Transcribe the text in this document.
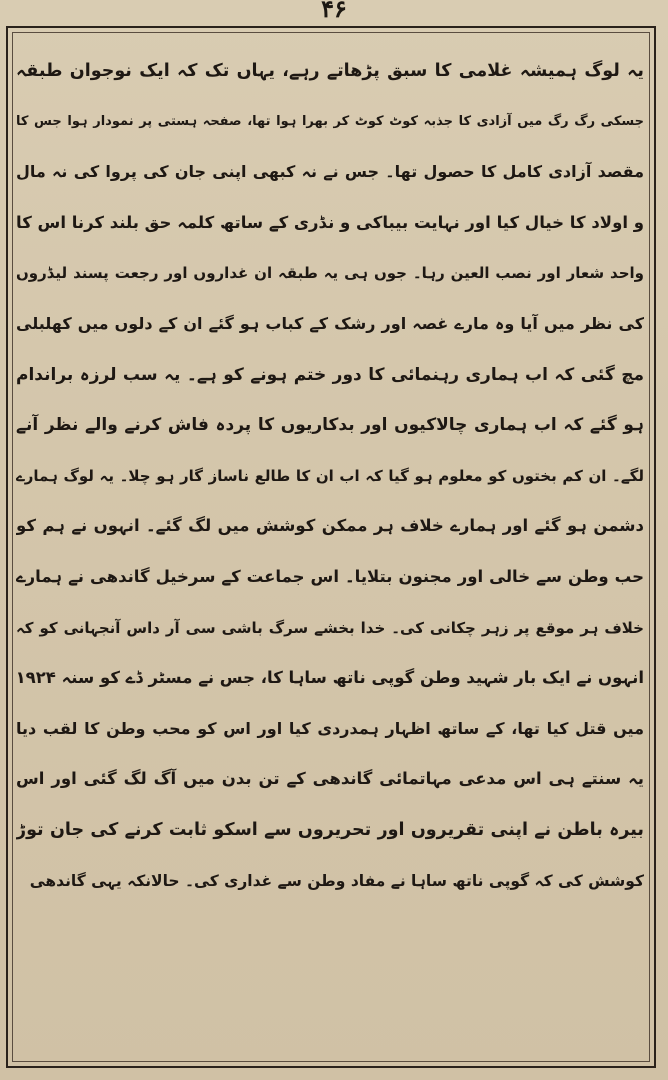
۴۶
یہ لوگ ہمیشہ غلامی کا سبق پڑھاتے رہے، یہاں تک کہ ایک نوجوان طبقہ
جسکی رگ رگ میں آزادی کا جذبہ کوٹ کوٹ کر بھرا ہوا تھا، صفحہ ہستی پر نمودار ہوا جس کا
مقصد آزادی کامل کا حصول تھا۔ جس نے نہ کبھی اپنی جان کی پروا کی نہ مال
و اولاد کا خیال کیا اور نہایت بیباکی و نڈری کے ساتھ کلمہ حق بلند کرنا اس کا
واحد شعار اور نصب العین رہا۔ جوں ہی یہ طبقہ ان غداروں اور رجعت پسند لیڈروں
کی نظر میں آیا وہ مارے غصہ اور رشک کے کباب ہو گئے ان کے دلوں میں کھلبلی
مچ گئی کہ اب ہماری رہنمائی کا دور ختم ہونے کو ہے۔ یہ سب لرزہ براندام
ہو گئے کہ اب ہماری چالاکیوں اور بدکاریوں کا پردہ فاش کرنے والے نظر آنے
لگے۔ ان کم بختوں کو معلوم ہو گیا کہ اب ان کا طالع ناساز گار ہو چلا۔ یہ لوگ ہمارے
دشمن ہو گئے اور ہمارے خلاف ہر ممکن کوشش میں لگ گئے۔ انہوں نے ہم کو
حب وطن سے خالی اور مجنون بتلایا۔ اس جماعت کے سرخیل گاندھی نے ہمارے
خلاف ہر موقع پر زہر چکانی کی۔ خدا بخشے سرگ باشی سی آر داس آنجہانی کو کہ
انہوں نے ایک بار شہید وطن گوپی ناتھ ساہا کا، جس نے مسٹر ڈے کو سنہ ۱۹۲۴
میں قتل کیا تھا، کے ساتھ اظہار ہمدردی کیا اور اس کو محب وطن کا لقب دیا
یہ سنتے ہی اس مدعی مہاتمائی گاندھی کے تن بدن میں آگ لگ گئی اور اس
بیرہ باطن نے اپنی تقریروں اور تحریروں سے اسکو ثابت کرنے کی جان توڑ
کوشش کی کہ گوپی ناتھ ساہا نے مفاد وطن سے غداری کی۔ حالانکہ یہی گاندھی
